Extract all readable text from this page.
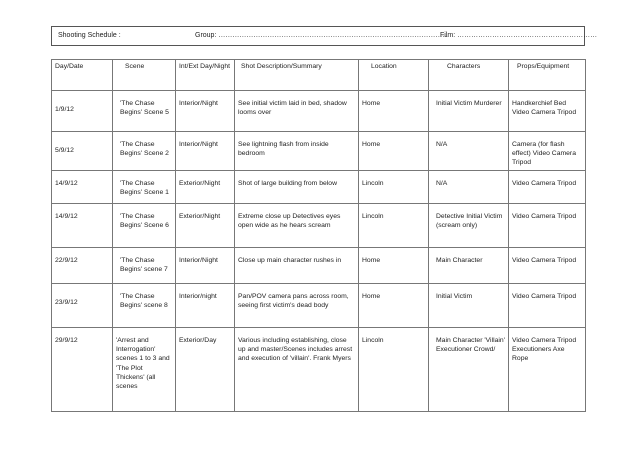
Shooting Schedule :	Group: ………………………………………………………………………………………
Film: ……………………………………………………
Day/Date	Scene	Int/Ext Day/Night	Shot Description/Summary	Location	Characters	Props/Equipment

1/9/12	'The Chase Begins' Scene 5	Interior/Night	See initial victim laid in bed, shadow looms over	Home	Initial Victim Murderer	Handkerchief Bed Video Camera Tripod

5/9/12	'The Chase Begins' Scene 2	Interior/Night	See lightning flash from inside bedroom	Home	N/A	Camera (for flash effect) Video Camera Tripod

14/9/12	'The Chase Begins' Scene 1	Exterior/Night	Shot of large building from below	Lincoln	N/A	Video Camera Tripod

14/9/12	'The Chase Begins' Scene 6	Exterior/Night	Extreme close up Detectives eyes open wide as he hears scream	Lincoln	Detective Initial Victim (scream only)	Video Camera Tripod

22/9/12	'The Chase Begins' scene 7	Interior/Night	Close up main character rushes in	Home	Main Character	Video Camera Tripod

23/9/12	'The Chase Begins' scene 8	Interior/night	Pan/POV camera pans across room, seeing first victim's dead body	Home	Initial Victim	Video Camera Tripod

29/9/12	'Arrest and Interrogation' scenes 1 to 3 and 'The Plot Thickens' (all scenes	Exterior/Day	Various including establishing, close up and master/Scenes includes arrest and execution of 'villain'. Frank Myers	Lincoln	Main Character 'Villain' Executioner Crowd/	Video Camera Tripod Executioners Axe Rope
